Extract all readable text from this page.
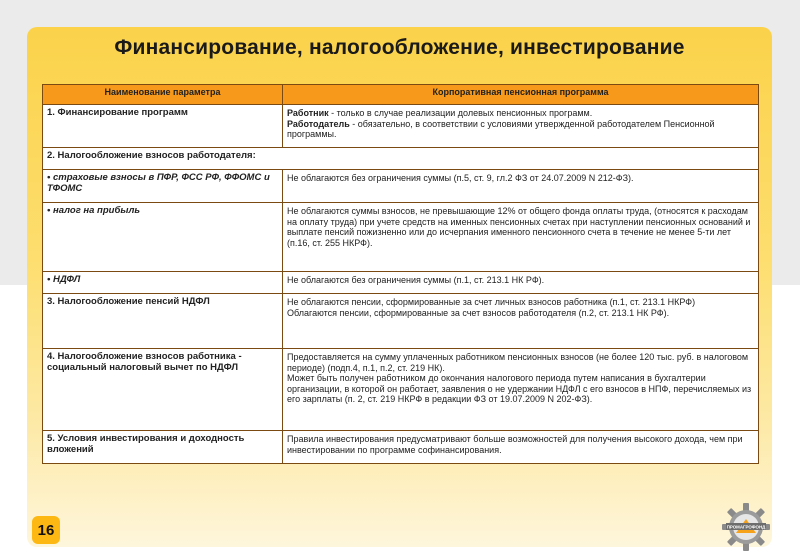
Финансирование, налогообложение, инвестирование
Наименование параметра	Корпоративная пенсионная программа
1. Финансирование программ	Работник - только в случае реализации долевых пенсионных программ.
Работодатель - обязательно, в соответствии с условиями утвержденной работодателем Пенсионной программы.
2. Налогообложение взносов работодателя:	
• страховые взносы в ПФР, ФСС РФ, ФФОМС и ТФОМС	Не облагаются без ограничения суммы (п.5, ст. 9, гл.2 ФЗ от 24.07.2009 N 212-ФЗ).
• налог на прибыль	Не облагаются суммы взносов, не превышающие 12% от общего фонда оплаты труда, (относятся к расходам на оплату труда) при учете средств на именных пенсионных счетах при наступлении пенсионных оснований и выплате пенсий пожизненно или до исчерпания именного пенсионного счета в течение не менее 5-ти лет (п.16, ст. 255 НКРФ).
• НДФЛ	Не облагаются без ограничения суммы (п.1, ст. 213.1 НК РФ).
3. Налогообложение пенсий НДФЛ	Не облагаются пенсии, сформированные за счет личных взносов работника (п.1, ст. 213.1 НКРФ)
Облагаются пенсии, сформированные за счет взносов работодателя (п.2, ст. 213.1 НК РФ).
4. Налогообложение взносов работника - социальный налоговый вычет по НДФЛ	Предоставляется на сумму уплаченных работником пенсионных взносов (не более 120 тыс. руб. в налоговом периоде) (подп.4, п.1, п.2, ст. 219 НК).
Может быть получен работником до окончания налогового периода путем написания в бухгалтерии организации, в которой он работает, заявления о не удержании НДФЛ с его взносов в НПФ, перечисляемых из его зарплаты (п. 2, ст. 219 НКРФ в редакции ФЗ от 19.07.2009 N 202-ФЗ).
5. Условия инвестирования и доходность вложений	Правила инвестирования предусматривают больше возможностей для получения высокого дохода, чем при инвестировании по программе софинансирования.
16	ПРОМАГРОФОНД
